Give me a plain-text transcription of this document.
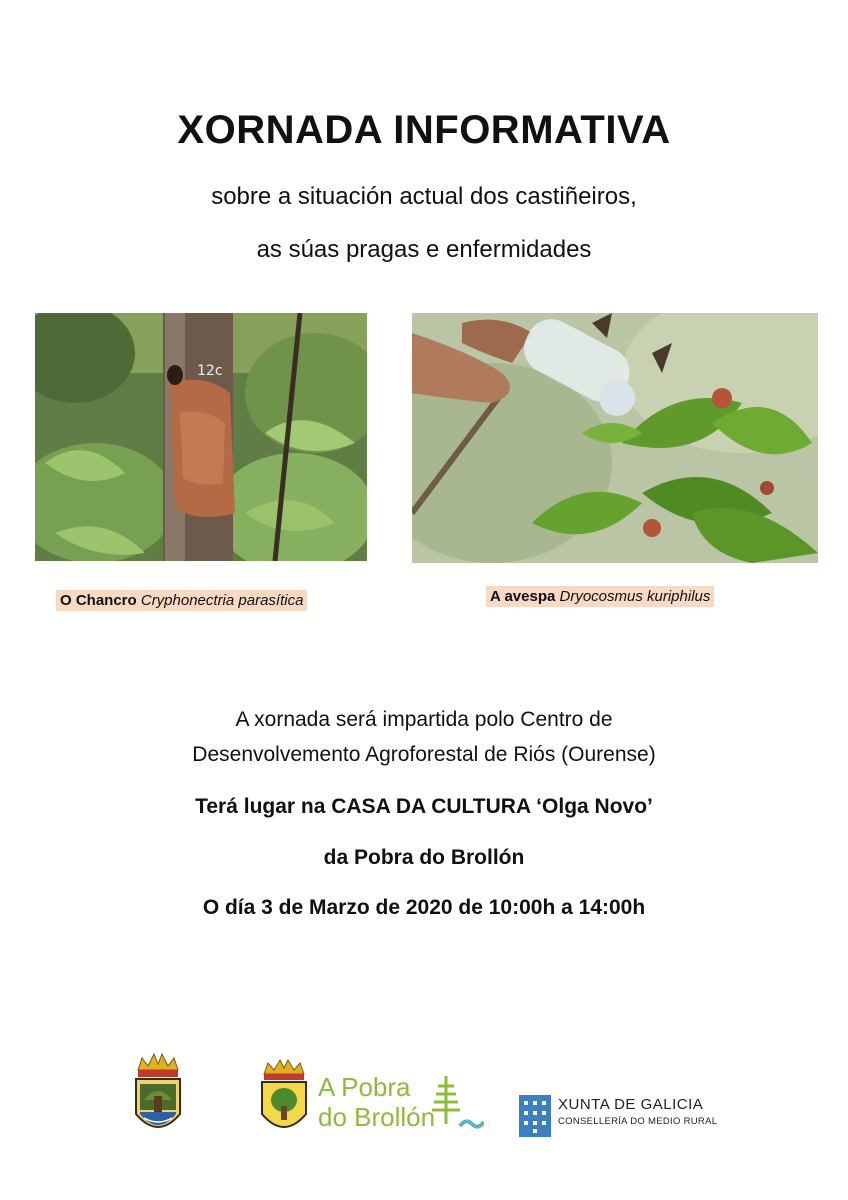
XORNADA INFORMATIVA
sobre a situación actual dos castiñeiros,
as súas pragas e enfermidades
12c
O Chancro Cryphonectria parasítica	A avespa Dryocosmus kuriphilus
A xornada será impartida polo Centro de
Desenvolvemento Agroforestal de Riós (Ourense)
Terá lugar na CASA DA CULTURA ‘Olga Novo’
da Pobra do Brollón
O día 3 de Marzo de 2020 de 10:00h a 14:00h
A Pobra
do Brollón	XUNTA DE GALICIA
CONSELLERÍA DO MEDIO RURAL
